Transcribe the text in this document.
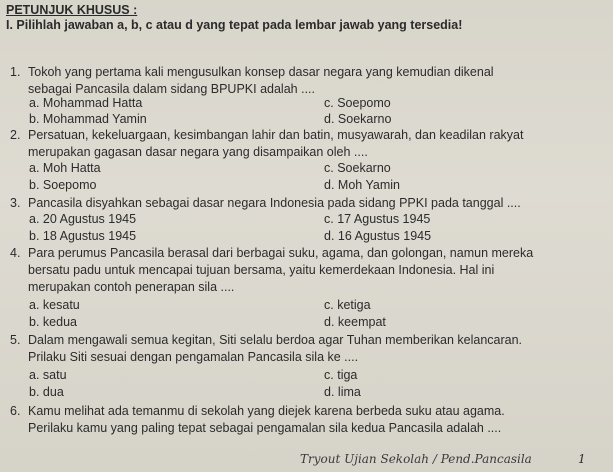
PETUNJUK KHUSUS :
I. Pilihlah jawaban a, b, c atau d yang tepat pada lembar jawab yang tersedia!
1. Tokoh yang pertama kali mengusulkan konsep dasar negara yang kemudian dikenal
sebagai Pancasila dalam sidang BPUPKI adalah ....
a. Mohammad Hatta	c. Soepomo
b. Mohammad Yamin	d. Soekarno
2. Persatuan, kekeluargaan, kesimbangan lahir dan batin, musyawarah, dan keadilan rakyat
merupakan gagasan dasar negara yang disampaikan oleh ....
a. Moh Hatta	c. Soekarno
b. Soepomo	d. Moh Yamin
3. Pancasila disyahkan sebagai dasar negara Indonesia pada sidang PPKI pada tanggal ....
a. 20 Agustus 1945	c. 17 Agustus 1945
b. 18 Agustus 1945	d. 16 Agustus 1945
4. Para perumus Pancasila berasal dari berbagai suku, agama, dan golongan, namun mereka
bersatu padu untuk mencapai tujuan bersama, yaitu kemerdekaan Indonesia. Hal ini
merupakan contoh penerapan sila ....
a. kesatu	c. ketiga
b. kedua	d. keempat
5. Dalam mengawali semua kegitan, Siti selalu berdoa agar Tuhan memberikan kelancaran.
Prilaku Siti sesuai dengan pengamalan Pancasila sila ke ....
a. satu	c. tiga
b. dua	d. lima
6. Kamu melihat ada temanmu di sekolah yang diejek karena berbeda suku atau agama.
Perilaku kamu yang paling tepat sebagai pengamalan sila kedua Pancasila adalah ....
Tryout Ujian Sekolah / Pend.Pancasila	1
